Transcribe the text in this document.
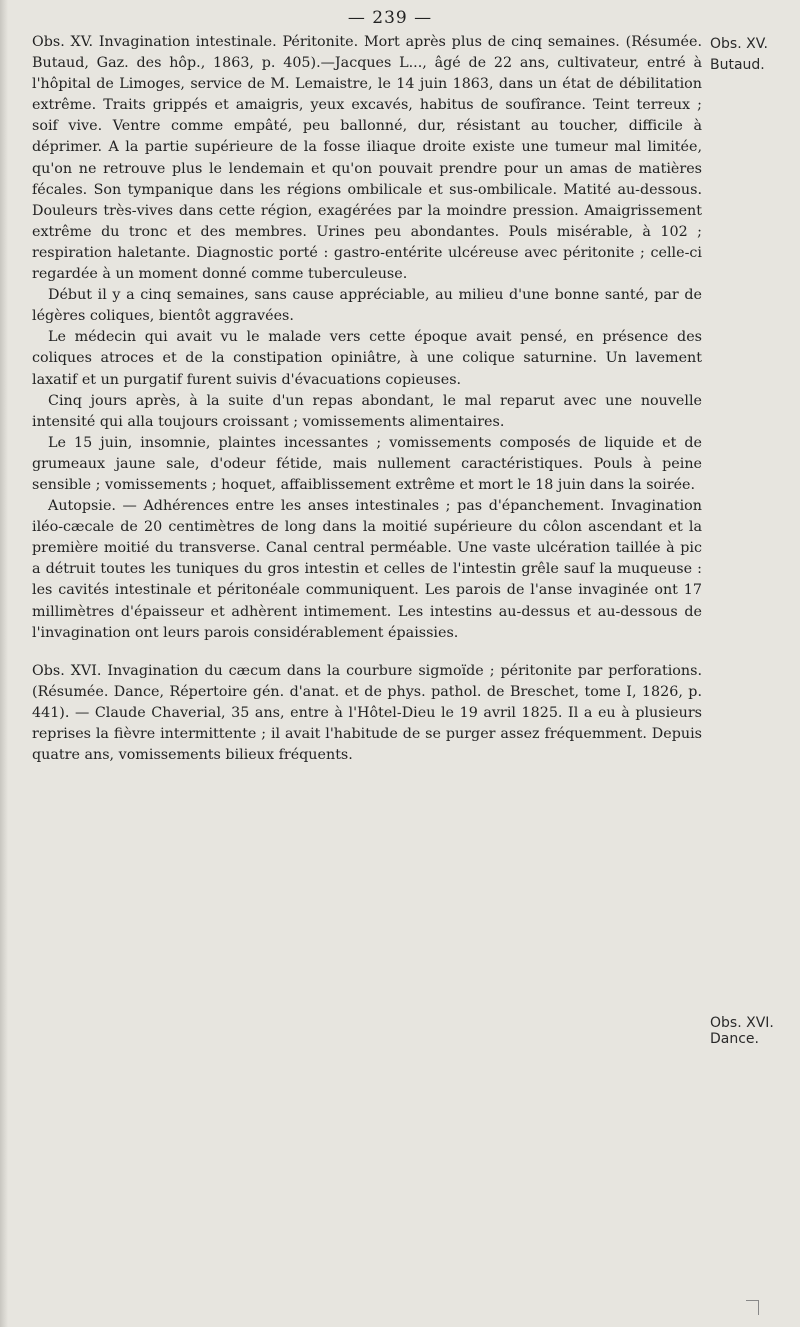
— 239 —
Obs. XV.
Butaud.
Obs. XVI.
Dance.

Obs. XV. Invagination intestinale. Péritonite. Mort après plus de cinq semaines. (Résumée. Butaud, Gaz. des hôp., 1863, p. 405).—Jacques L..., âgé de 22 ans, cultivateur, entré à l'hôpital de Limoges, service de M. Lemaistre, le 14 juin 1863, dans un état de débilitation extrême. Traits grippés et amaigris, yeux excavés, habitus de soufîrance. Teint terreux ; soif vive. Ventre comme empâté, peu ballonné, dur, résistant au toucher, difficile à déprimer. A la partie supérieure de la fosse iliaque droite existe une tumeur mal limitée, qu'on ne retrouve plus le lendemain et qu'on pouvait prendre pour un amas de matières fécales. Son tympanique dans les régions ombilicale et sus-ombilicale. Matité au-dessous. Douleurs très-vives dans cette région, exagérées par la moindre pression. Amaigrissement extrême du tronc et des membres. Urines peu abondantes. Pouls misérable, à 102 ; respiration haletante. Diagnostic porté : gastro-entérite ulcéreuse avec péritonite ; celle-ci regardée à un moment donné comme tuberculeuse.

Début il y a cinq semaines, sans cause appréciable, au milieu d'une bonne santé, par de légères coliques, bientôt aggravées.

Le médecin qui avait vu le malade vers cette époque avait pensé, en présence des coliques atroces et de la constipation opiniâtre, à une colique saturnine. Un lavement laxatif et un purgatif furent suivis d'évacuations copieuses.

Cinq jours après, à la suite d'un repas abondant, le mal reparut avec une nouvelle intensité qui alla toujours croissant ; vomissements alimentaires.

Le 15 juin, insomnie, plaintes incessantes ; vomissements composés de liquide et de grumeaux jaune sale, d'odeur fétide, mais nullement caractéristiques. Pouls à peine sensible ; vomissements ; hoquet, affaiblissement extrême et mort le 18 juin dans la soirée.

Autopsie. — Adhérences entre les anses intestinales ; pas d'épanchement. Invagination iléo-cæcale de 20 centimètres de long dans la moitié supérieure du côlon ascendant et la première moitié du transverse. Canal central perméable. Une vaste ulcération taillée à pic a détruit toutes les tuniques du gros intestin et celles de l'intestin grêle sauf la muqueuse : les cavités intestinale et péritonéale communiquent. Les parois de l'anse invaginée ont 17 millimètres d'épaisseur et adhèrent intimement. Les intestins au-dessus et au-dessous de l'invagination ont leurs parois considérablement épaissies.

Obs. XVI. Invagination du cæcum dans la courbure sigmoïde ; péritonite par perforations. (Résumée. Dance, Répertoire gén. d'anat. et de phys. pathol. de Breschet, tome I, 1826, p. 441). — Claude Chaverial, 35 ans, entre à l'Hôtel-Dieu le 19 avril 1825. Il a eu à plusieurs reprises la fièvre intermittente ; il avait l'habitude de se purger assez fréquemment. Depuis quatre ans, vomissements bilieux fréquents.
